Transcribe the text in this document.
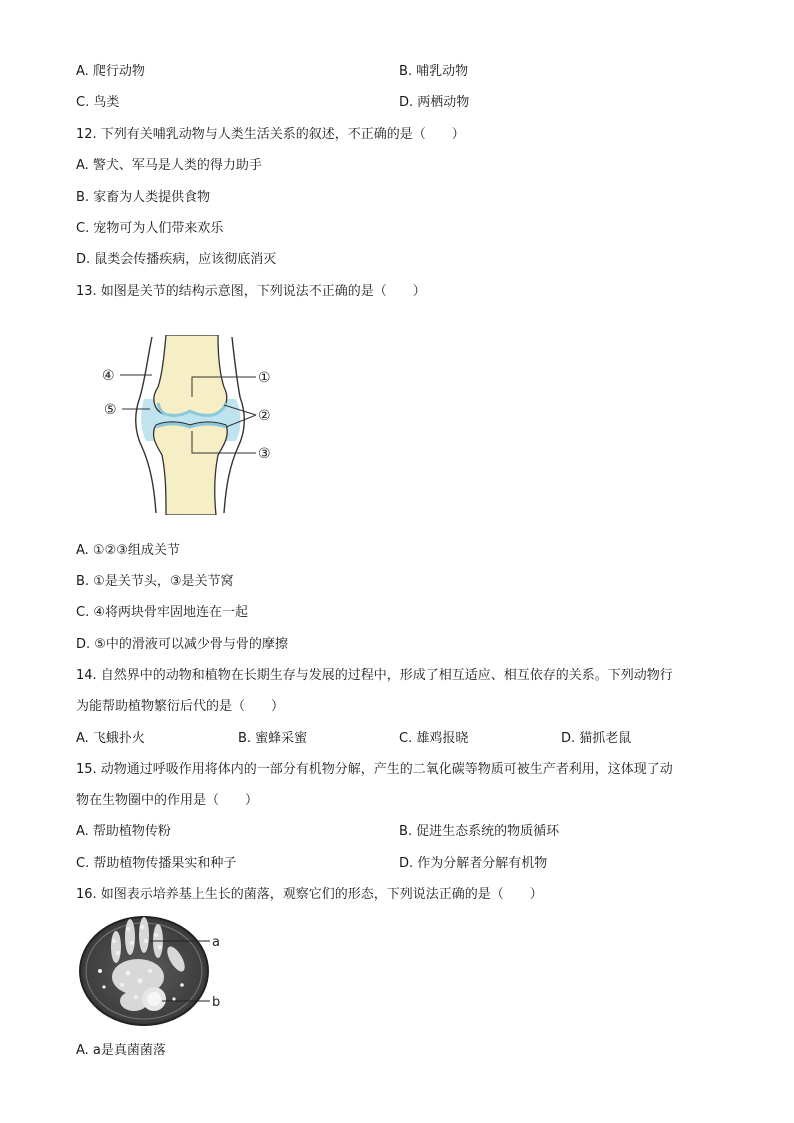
A. 爬行动物	B. 哺乳动物
C. 鸟类	D. 两栖动物
12. 下列有关哺乳动物与人类生活关系的叙述，不正确的是（　　）
A. 警犬、军马是人类的得力助手
B. 家畜为人类提供食物
C. 宠物可为人们带来欢乐
D. 鼠类会传播疾病，应该彻底消灭
13. 如图是关节的结构示意图，下列说法不正确的是（　　）
④
⑤
①
②
③
A. ①②③组成关节
B. ①是关节头，③是关节窝
C. ④将两块骨牢固地连在一起
D. ⑤中的滑液可以减少骨与骨的摩擦
14. 自然界中的动物和植物在长期生存与发展的过程中，形成了相互适应、相互依存的关系。下列动物行
为能帮助植物繁衍后代的是（　　）
A. 飞蛾扑火	B. 蜜蜂采蜜	C. 雄鸡报晓	D. 猫抓老鼠
15. 动物通过呼吸作用将体内的一部分有机物分解，产生的二氧化碳等物质可被生产者利用，这体现了动
物在生物圈中的作用是（　　）
A. 帮助植物传粉	B. 促进生态系统的物质循环
C. 帮助植物传播果实和种子	D. 作为分解者分解有机物
16. 如图表示培养基上生长的菌落，观察它们的形态，下列说法正确的是（　　）
a
b
A. a是真菌菌落
